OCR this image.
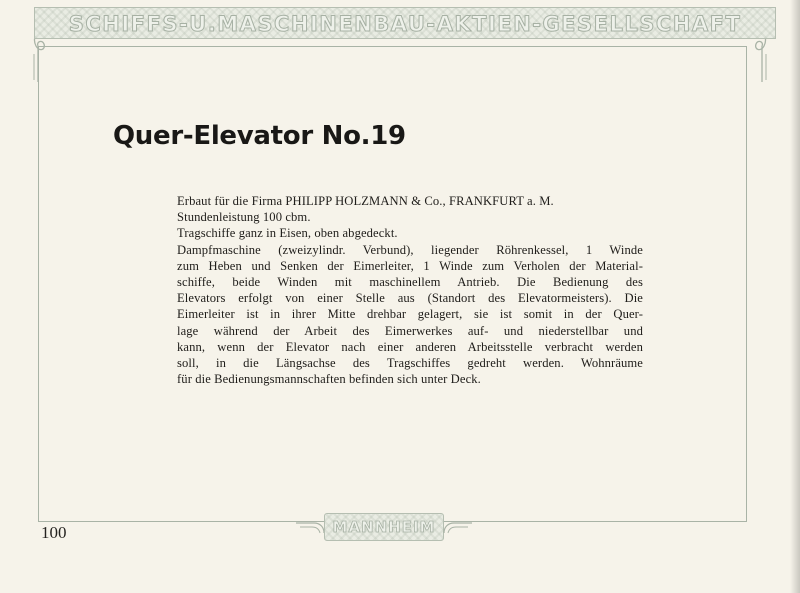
SCHIFFS-U.MASCHINENBAU-AKTIEN-GESELLSCHAFT
Quer-Elevator No.19
Erbaut für die Firma PHILIPP HOLZMANN & Co., FRANKFURT a. M.
Stundenleistung 100 cbm.
Tragschiffe ganz in Eisen, oben abgedeckt.
Dampfmaschine (zweizylindr. Verbund), liegender Röhrenkessel, 1 Winde
zum Heben und Senken der Eimerleiter, 1 Winde zum Verholen der Material-
schiffe, beide Winden mit maschinellem Antrieb. Die Bedienung des
Elevators erfolgt von einer Stelle aus (Standort des Elevatormeisters). Die
Eimerleiter ist in ihrer Mitte drehbar gelagert, sie ist somit in der Quer-
lage während der Arbeit des Eimerwerkes auf- und niederstellbar und
kann, wenn der Elevator nach einer anderen Arbeitsstelle verbracht werden
soll, in die Längsachse des Tragschiffes gedreht werden. Wohnräume
für die Bedienungsmannschaften befinden sich unter Deck.
MANNHEIM
100
